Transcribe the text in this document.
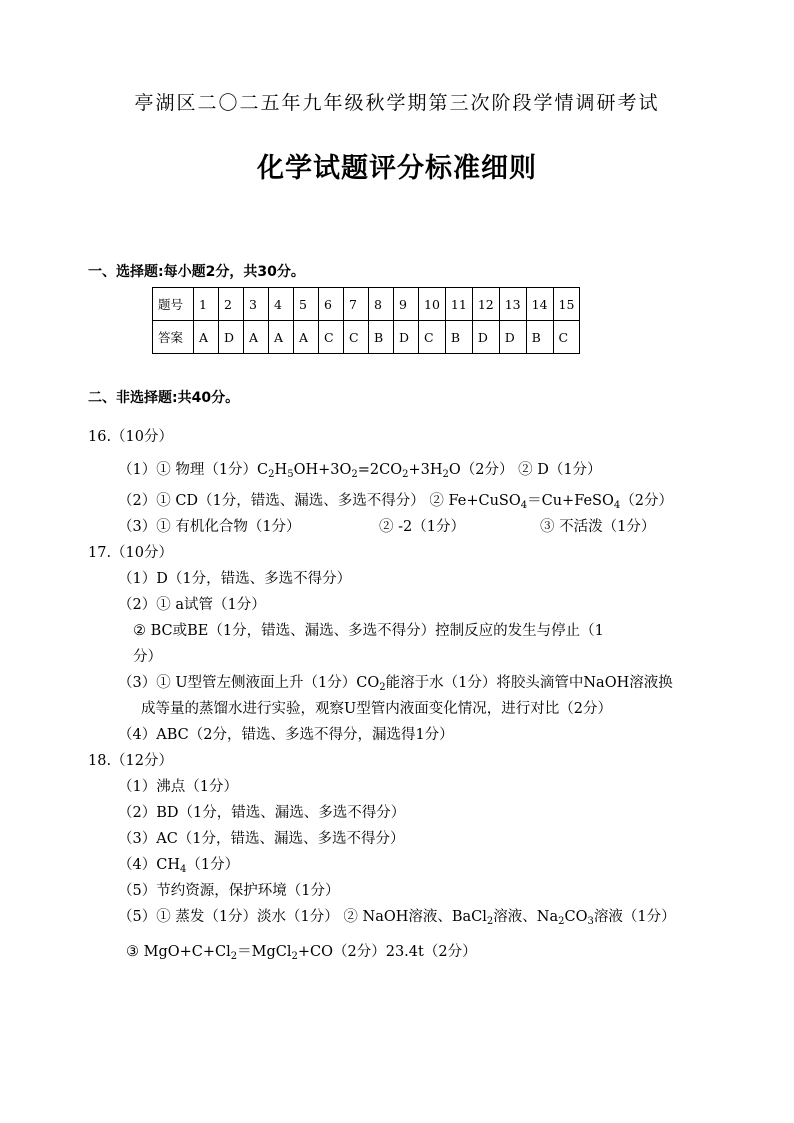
亭湖区二〇二五年九年级秋学期第三次阶段学情调研考试
化学试题评分标准细则
一、选择题:每小题2分，共30分。
题号	1	2	3	4	5	6	7	8	9	10	11	12	13	14	15
答案	A	D	A	A	A	C	C	B	D	C	B	D	D	B	C
二、非选择题:共40分。
16.（10分）
（1）① 物理（1分）$C_2H_5OH+3O_2=2CO_2+3H_2O(2$分） ② D（1分）
（2）① CD（1分，错选、漏选、多选不得分） ② Fe+CuSO$_4$＝Cu+FeSO$_4$（2分）
（3）① 有机化合物（1分）	② -2（1分）	③ 不活泼（1分）
17.（10分）
（1）D（1分，错选、多选不得分）
（2）① a试管（1分）
② BC或BE（1分，错选、漏选、多选不得分）控制反应的发生与停止（1
分）
（3）① U型管左侧液面上升（1分）$CO_2$能溶于水（1分）将胶头滴管中NaOH溶液换
成等量的蒸馏水进行实验，观察U型管内液面变化情况，进行对比（2分）
（4）ABC（2分，错选、多选不得分，漏选得1分）
18.（12分）
（1）沸点（1分）
（2）BD（1分，错选、漏选、多选不得分）
（3）AC（1分，错选、漏选、多选不得分）
$(4)CH_4(1$分）
（5）节约资源，保护环境（1分）
（5）① 蒸发（1分）淡水（1分） ② NaOH溶液、BaCl$_2$溶液、$Na_2CO_3$溶液（1分）
③ $MgO+C+Cl_2=MgCl_2+CO(2$分）23.4t（2分）
